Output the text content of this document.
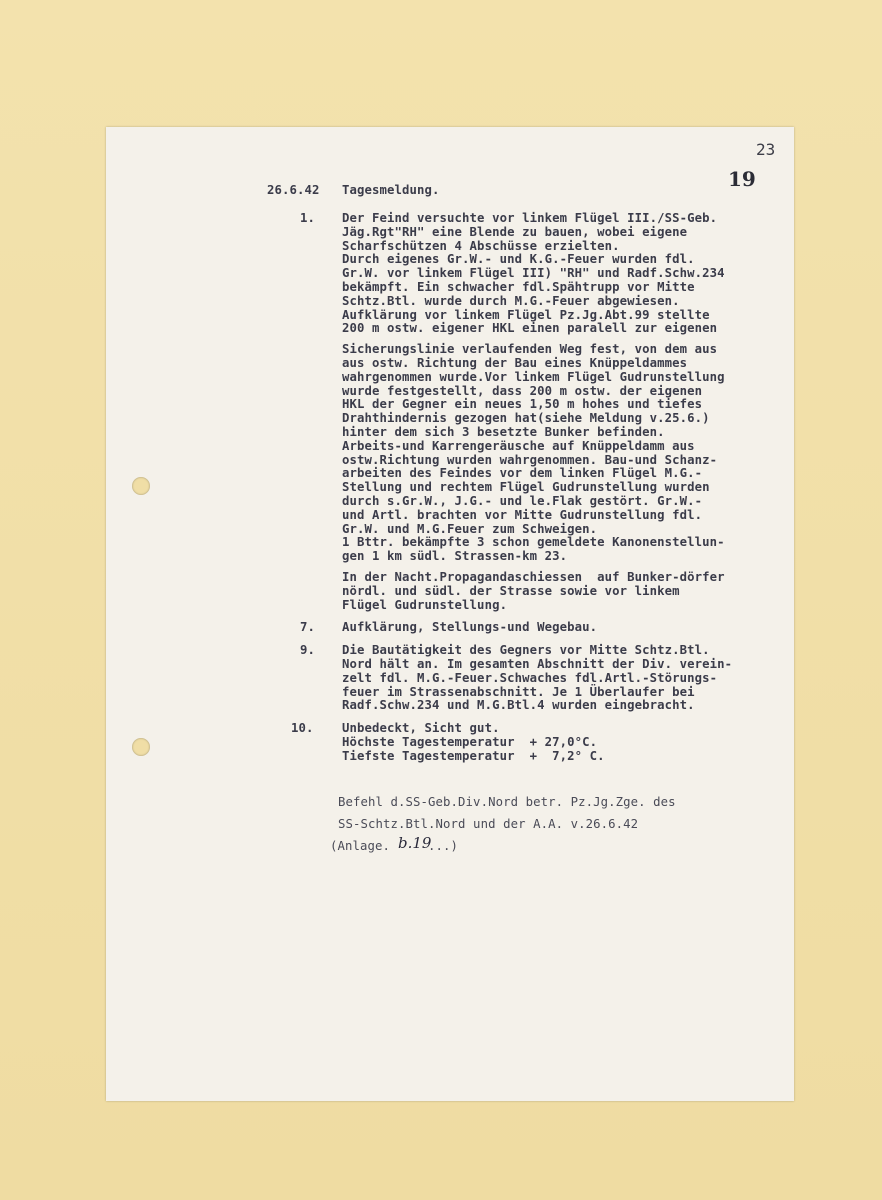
23
19
26.6.42 Tagesmeldung.
1. Der Feind versuchte vor linkem Flügel III./SS-Geb.
Jäg.Rgt"RH" eine Blende zu bauen, wobei eigene
Scharfschützen 4 Abschüsse erzielten.
Durch eigenes Gr.W.- und K.G.-Feuer wurden fdl.
Gr.W. vor linkem Flügel III) "RH" und Radf.Schw.234
bekämpft. Ein schwacher fdl.Spähtrupp vor Mitte
Schtz.Btl. wurde durch M.G.-Feuer abgewiesen.
Aufklärung vor linkem Flügel Pz.Jg.Abt.99 stellte
200 m ostw. eigener HKL einen paralell zur eigenen
Sicherungslinie verlaufenden Weg fest, von dem aus
aus ostw. Richtung der Bau eines Knüppeldammes
wahrgenommen wurde.Vor linkem Flügel Gudrunstellung
wurde festgestellt, dass 200 m ostw. der eigenen
HKL der Gegner ein neues 1,50 m hohes und tiefes
Drahthindernis gezogen hat(siehe Meldung v.25.6.)
hinter dem sich 3 besetzte Bunker befinden.
Arbeits-und Karrengeräusche auf Knüppeldamm aus
ostw.Richtung wurden wahrgenommen. Bau-und Schanz-
arbeiten des Feindes vor dem linken Flügel M.G.-
Stellung und rechtem Flügel Gudrunstellung wurden
durch s.Gr.W., J.G.- und le.Flak gestört. Gr.W.-
und Artl. brachten vor Mitte Gudrunstellung fdl.
Gr.W. und M.G.Feuer zum Schweigen.
1 Bttr. bekämpfte 3 schon gemeldete Kanonenstellun-
gen 1 km südl. Strassen-km 23.
In der Nacht.Propagandaschiessen  auf Bunker-dörfer
nördl. und südl. der Strasse sowie vor linkem
Flügel Gudrunstellung.
7. Aufklärung, Stellungs-und Wegebau.
9. Die Bautätigkeit des Gegners vor Mitte Schtz.Btl.
Nord hält an. Im gesamten Abschnitt der Div. verein-
zelt fdl. M.G.-Feuer.Schwaches fdl.Artl.-Störungs-
feuer im Strassenabschnitt. Je 1 Überlaufer bei
Radf.Schw.234 und M.G.Btl.4 wurden eingebracht.
10. Unbedeckt, Sicht gut.
Höchste Tagestemperatur  + 27,0°C.
Tiefste Tagestemperatur  +  7,2° C.
Befehl d.SS-Geb.Div.Nord betr. Pz.Jg.Zge. des
SS-Schtz.Btl.Nord und der A.A. v.26.6.42
(Anlage. b.19
...)
